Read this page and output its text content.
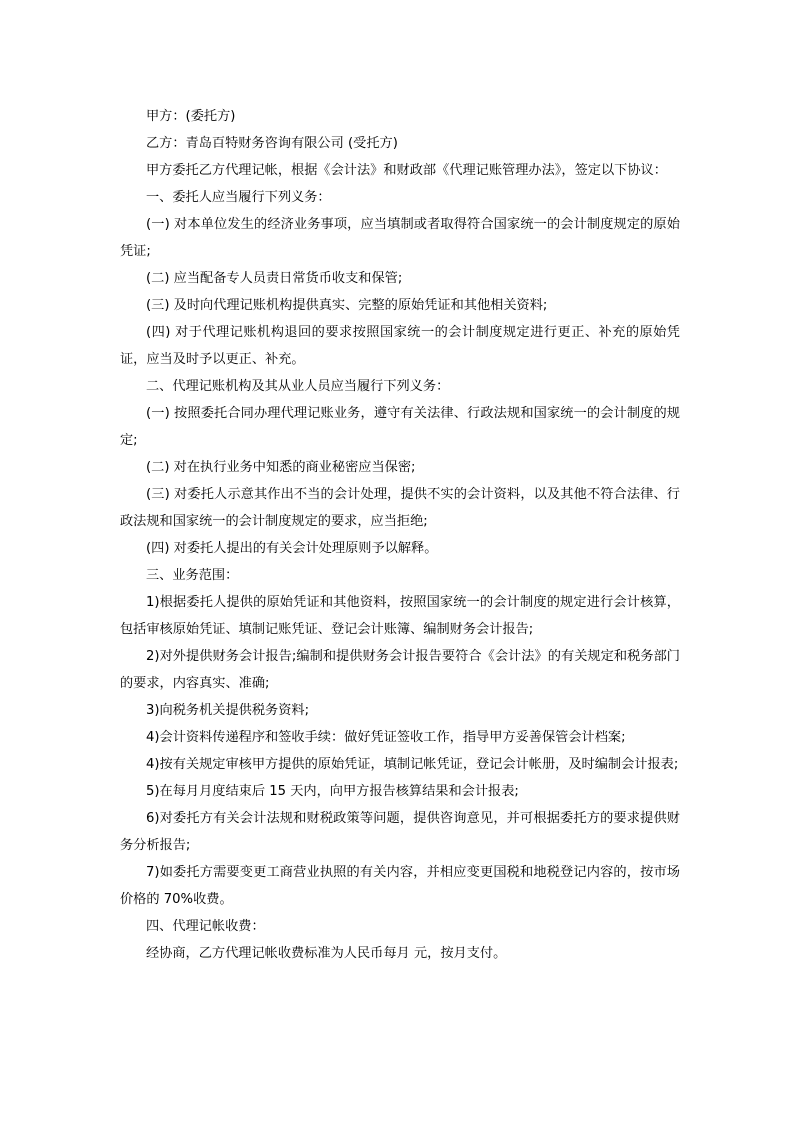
甲方：(委托方)

乙方：青岛百特财务咨询有限公司 (受托方)

甲方委托乙方代理记帐，根据《会计法》和财政部《代理记账管理办法》，签定以下协议：

一、委托人应当履行下列义务：

(一) 对本单位发生的经济业务事项，应当填制或者取得符合国家统一的会计制度规定的原始凭证;

(二) 应当配备专人员责日常货币收支和保管;

(三) 及时向代理记账机构提供真实、完整的原始凭证和其他相关资料;

(四) 对于代理记账机构退回的要求按照国家统一的会计制度规定进行更正、补充的原始凭证，应当及时予以更正、补充。

二、代理记账机构及其从业人员应当履行下列义务：

(一) 按照委托合同办理代理记账业务，遵守有关法律、行政法规和国家统一的会计制度的规定;

(二) 对在执行业务中知悉的商业秘密应当保密;

(三) 对委托人示意其作出不当的会计处理，提供不实的会计资料，以及其他不符合法律、行政法规和国家统一的会计制度规定的要求，应当拒绝;

(四) 对委托人提出的有关会计处理原则予以解释。

三、业务范围：

1)根据委托人提供的原始凭证和其他资料，按照国家统一的会计制度的规定进行会计核算，包括审核原始凭证、填制记账凭证、登记会计账簿、编制财务会计报告;

2)对外提供财务会计报告;编制和提供财务会计报告要符合《会计法》的有关规定和税务部门的要求，内容真实、准确;

3)向税务机关提供税务资料;

4)会计资料传递程序和签收手续：做好凭证签收工作，指导甲方妥善保管会计档案;

4)按有关规定审核甲方提供的原始凭证，填制记帐凭证，登记会计帐册，及时编制会计报表;

5)在每月月度结束后 15 天内，向甲方报告核算结果和会计报表;

6)对委托方有关会计法规和财税政策等问题，提供咨询意见，并可根据委托方的要求提供财务分析报告;

7)如委托方需要变更工商营业执照的有关内容，并相应变更国税和地税登记内容的，按市场价格的 70%收费。

四、代理记帐收费：

经协商，乙方代理记帐收费标准为人民币每月 元，按月支付。
